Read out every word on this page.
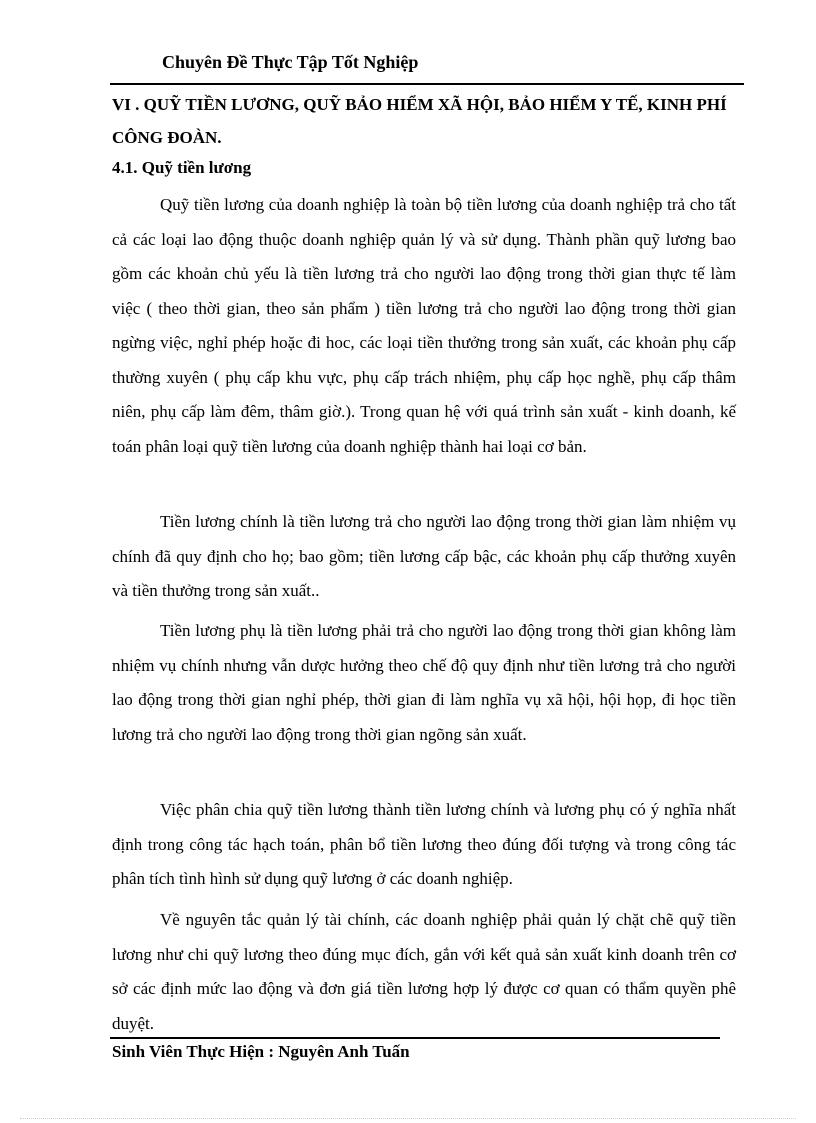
Chuyên Đề Thực Tập Tốt Nghiệp
VI . QUỸ TIỀN LƯƠNG, QUỸ BẢO HIỂM XÃ HỘI, BẢO HIỂM Y TẾ, KINH PHÍ CÔNG ĐOÀN.
4.1. Quỹ tiền lương

Quỹ tiền lương của doanh nghiệp là toàn bộ tiền lương của doanh nghiệp trả cho tất cả các loại lao động thuộc doanh nghiệp quản lý và sử dụng. Thành phần quỹ lương bao gồm các khoản chủ yếu là tiền lương trả cho người lao động trong thời gian thực tế làm việc ( theo thời gian, theo sản phẩm ) tiền lương trả cho người lao động trong thời gian ngừng việc, nghỉ phép hoặc đi hoc, các loại tiền thưởng trong sản xuất, các khoản phụ cấp thường xuyên ( phụ cấp khu vực, phụ cấp trách nhiệm, phụ cấp học nghề, phụ cấp thâm niên, phụ cấp làm đêm, thâm giờ.). Trong quan hệ với quá trình sản xuất - kinh doanh, kế toán phân loại quỹ tiền lương của doanh nghiệp thành hai loại cơ bản.

Tiền lương chính là tiền lương trả cho người lao động trong thời gian làm nhiệm vụ chính đã quy định cho họ; bao gồm; tiền lương cấp bậc, các khoản phụ cấp thưởng xuyên và tiền thưởng trong sản xuất..

Tiền lương phụ là tiền lương phải trả cho người lao động trong thời gian không làm nhiệm vụ chính nhưng vẫn dược hưởng theo chế độ quy định như tiền lương trả cho người lao động trong thời gian nghỉ phép, thời gian đi làm nghĩa vụ xã hội, hội họp, đi học tiền lương trả cho người lao động trong thời gian ngõng sản xuất.

Việc phân chia quỹ tiền lương thành tiền lương chính và lương phụ có ý nghĩa nhất định trong công tác hạch toán, phân bổ tiền lương theo đúng đối tượng và trong công tác phân tích tình hình sử dụng quỹ lương ở các doanh nghiệp.

Về nguyên tắc quản lý tài chính, các doanh nghiệp phải quản lý chặt chẽ quỹ tiền lương như chi quỹ lương theo đúng mục đích, gắn với kết quả sản xuất kinh doanh trên cơ sở các định mức lao động và đơn giá tiền lương hợp lý được cơ quan có thẩm quyền phê duyệt.

Sinh Viên Thực Hiện : Nguyên Anh Tuấn
